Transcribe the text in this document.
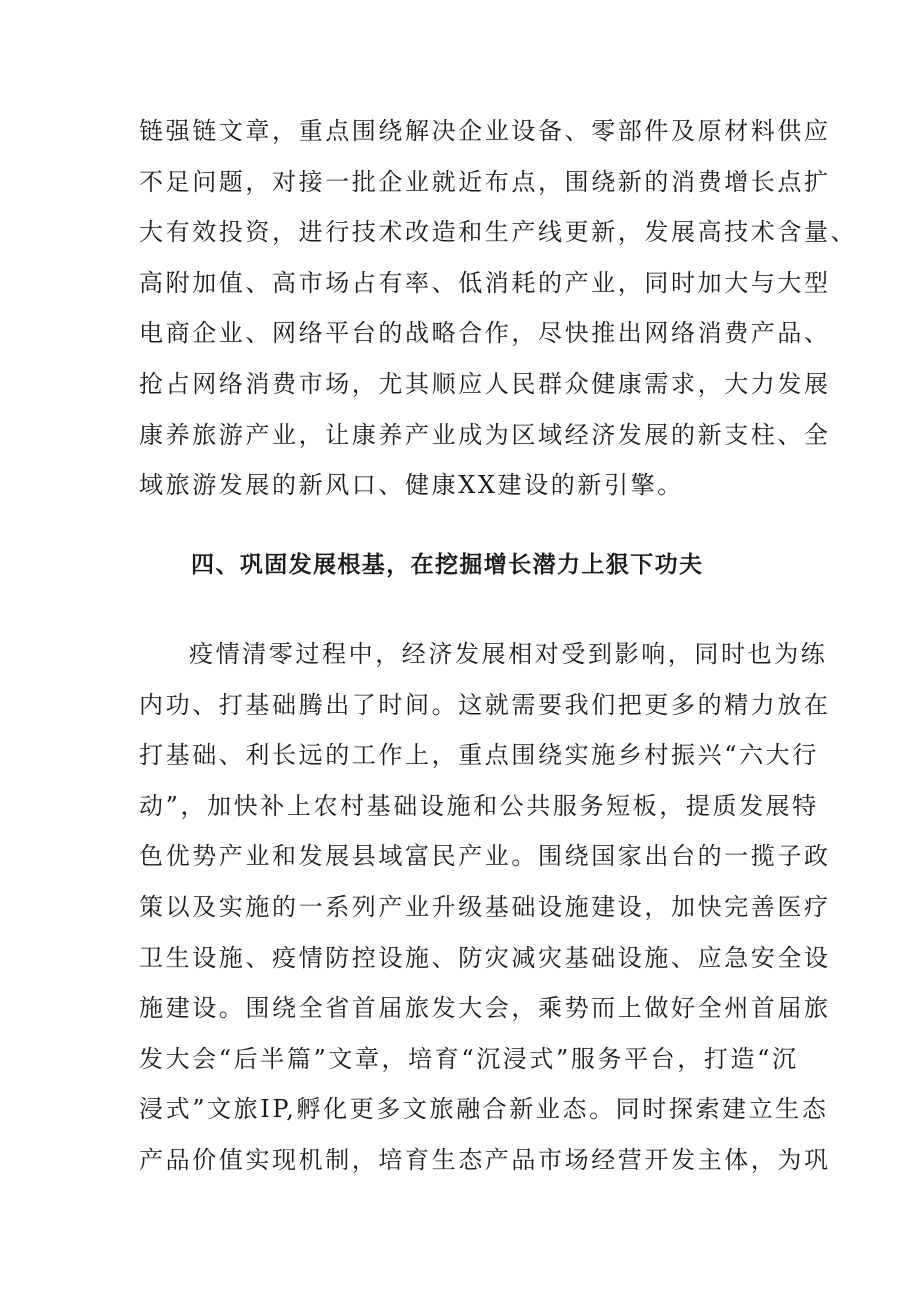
链强链文章，重点围绕解决企业设备、零部件及原材料供应
不足问题，对接一批企业就近布点，围绕新的消费增长点扩
大有效投资，进行技术改造和生产线更新，发展高技术含量、
高附加值、高市场占有率、低消耗的产业，同时加大与大型
电商企业、网络平台的战略合作，尽快推出网络消费产品、
抢占网络消费市场，尤其顺应人民群众健康需求，大力发展
康养旅游产业，让康养产业成为区域经济发展的新支柱、全
域旅游发展的新风口、健康XX建设的新引擎。
四、巩固发展根基，在挖掘增长潜力上狠下功夫
疫情清零过程中，经济发展相对受到影响，同时也为练
内功、打基础腾出了时间。这就需要我们把更多的精力放在
打基础、利长远的工作上，重点围绕实施乡村振兴“六大行
动”，加快补上农村基础设施和公共服务短板，提质发展特
色优势产业和发展县域富民产业。围绕国家出台的一揽子政
策以及实施的一系列产业升级基础设施建设，加快完善医疗
卫生设施、疫情防控设施、防灾减灾基础设施、应急安全设
施建设。围绕全省首届旅发大会，乘势而上做好全州首届旅
发大会“后半篇”文章，培育“沉浸式”服务平台，打造“沉
浸式”文旅IP,孵化更多文旅融合新业态。同时探索建立生态
产品价值实现机制，培育生态产品市场经营开发主体，为巩
